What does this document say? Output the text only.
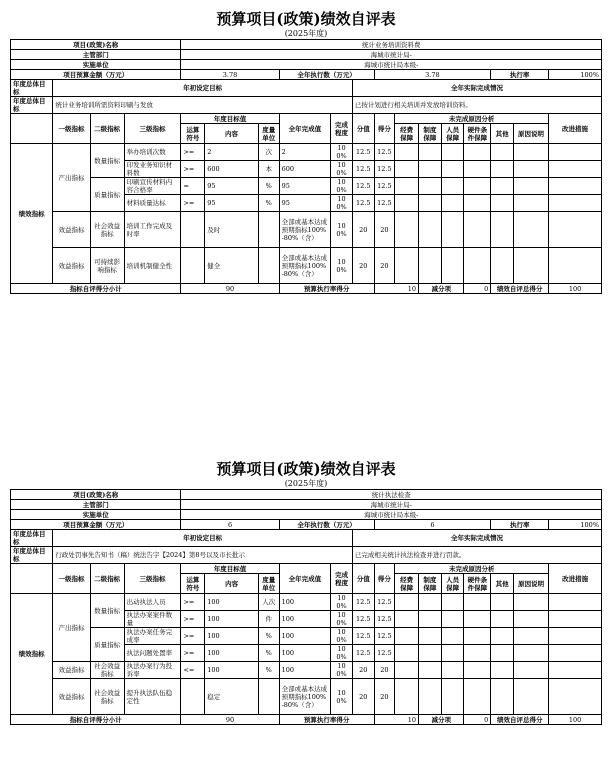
预算项目(政策)绩效自评表
(2025年度)
项目(政策)名称				统计业务培训资料费													
主管部门				海城市统计局-													
实施单位				海城市统计局本级-													
项目预算金额（万元）				3.78			全年执行数（万元）			3.78					执行率		100%
年度总体目标	年初设定目标								全年实际完成情况								
年度总体目标	统计业务培训所需资料印刷与发放								已按计划进行相关培训并发放培训资料。								
	一级指标	二级指标	三级指标	年度目标值			全年完成值	完成程度	分值	得分	未完成原因分析						改进措施
				运算符号	内容	度量单位					经费保障	制度保障	人员保障	硬件条件保障	其他	原因说明	

绩效指标	产出指标	数量指标	举办培训次数	>=	2	次	2	100%	12.5	12.5							
			印发业务知识材料数	>=	600	本	600	100%	12.5	12.5							
		质量指标	印刷宣传材料内容合格率	=	95	%	95	100%	12.5	12.5							
			材料质量达标	>=	95	%	95	100%	12.5	12.5							
	效益指标	社会效益指标	培训工作完成及时率		及时		全部或基本达成预期指标100%-80%（含）	100%	20	20							
	效益指标	可持续影响指标	培训机制健全性		健全		全部或基本达成预期指标100%-80%（含）	100%	20	20							
指标自评得分小计				90			预算执行率得分			10		减分项		0	绩效自评总得分		100
预算项目(政策)绩效自评表
(2025年度)
项目(政策)名称				统计执法检查													
主管部门				海城市统计局-													
实施单位				海城市统计局本级-													
项目预算金额（万元）				6			全年执行数（万元）			6					执行率		100%
年度总体目标	年初设定目标								全年实际完成情况								
年度总体目标	行政处罚事先告知书（稿）统法告字【2024】第8号以及市长批示								已完成相关统计执法检查并进行罚款。								
	一级指标	二级指标	三级指标	年度目标值			全年完成值	完成程度	分值	得分	未完成原因分析						改进措施
				运算符号	内容	度量单位					经费保障	制度保障	人员保障	硬件条件保障	其他	原因说明	

绩效指标	产出指标	数量指标	出动执法人员	>=	100	人次	100	100%	12.5	12.5							
			执法办案案件数量	>=	100	件	100	100%	12.5	12.5							
		质量指标	执法办案任务完成率	>=	100	%	100	100%	12.5	12.5							
			执法问题处置率	>=	100	%	100	100%	12.5	12.5							
	效益指标	社会效益指标	执法办案行为投诉率	<=	100	%	100	100%	20	20							
	效益指标	社会效益指标	提升执法队伍稳定性		稳定		全部或基本达成预期指标100%-80%（含）	100%	20	20							
指标自评得分小计				90			预算执行率得分			10		减分项		0	绩效自评总得分		100
